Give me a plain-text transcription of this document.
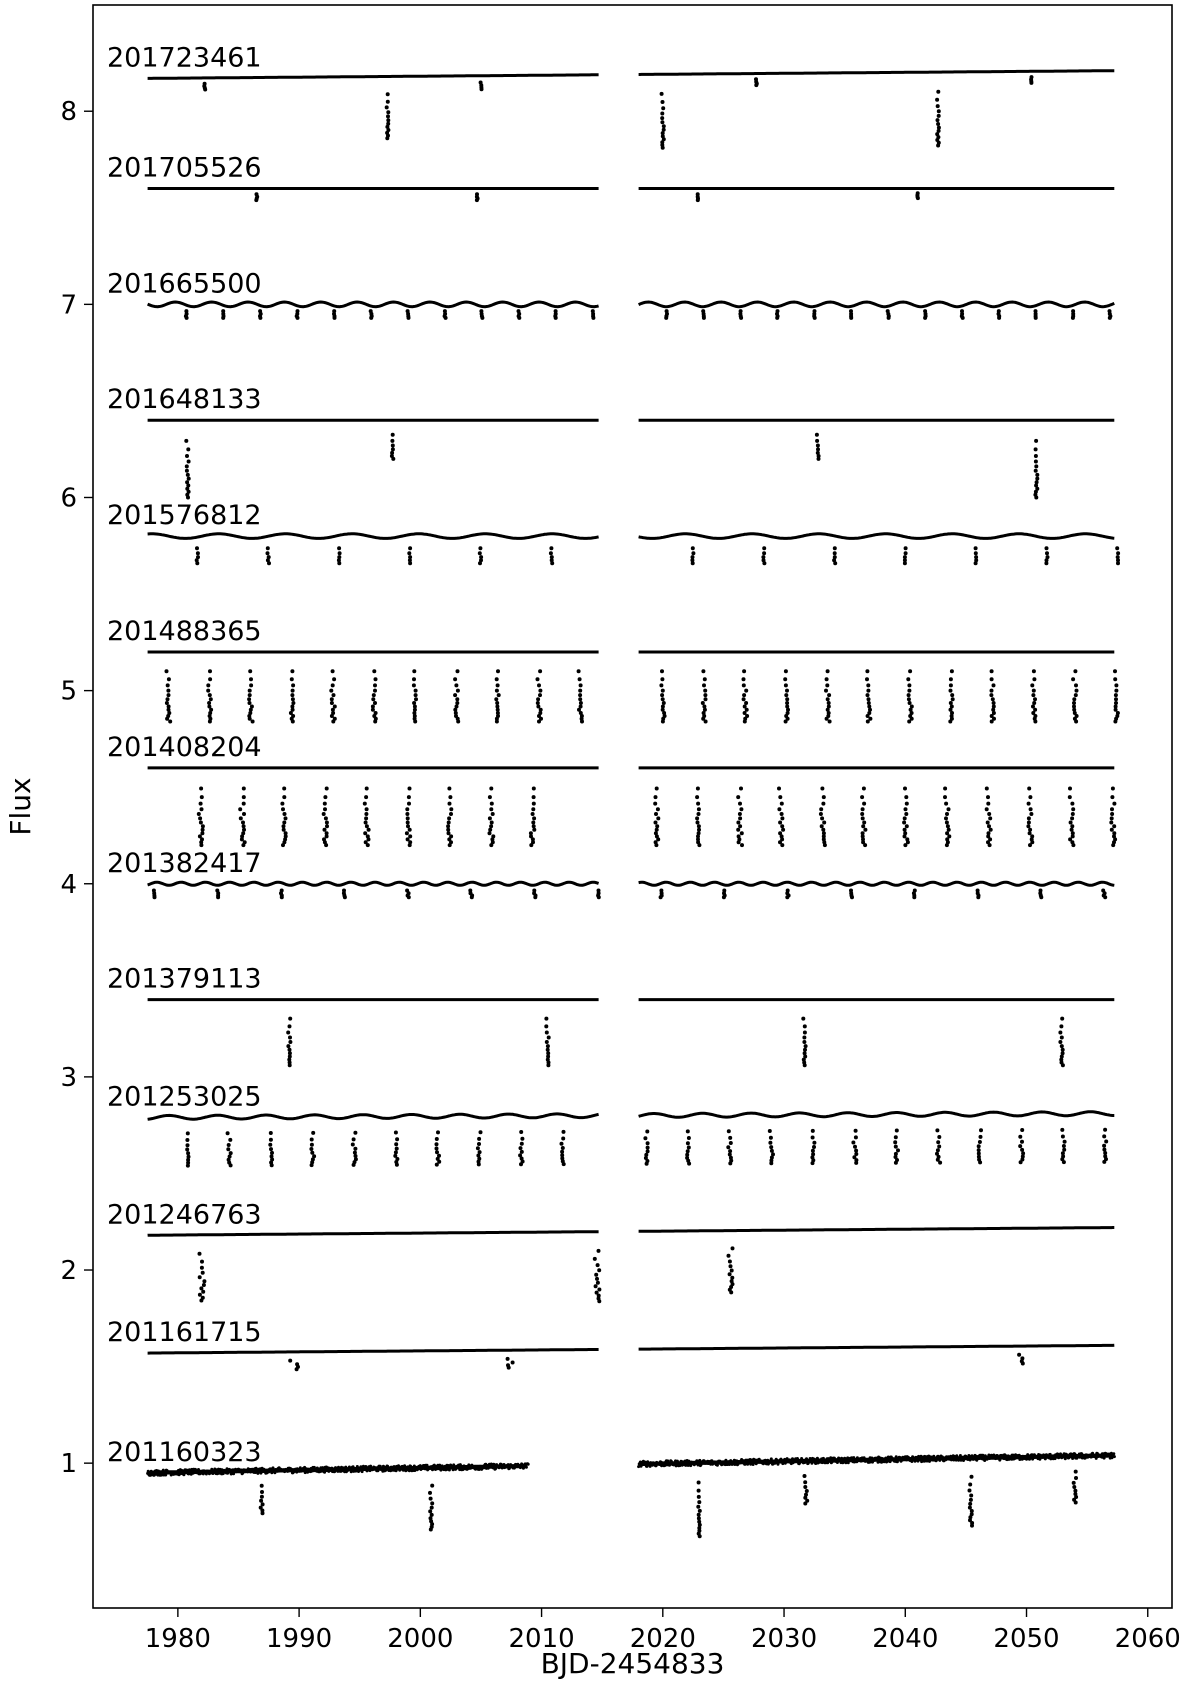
1980 1990 2000 2010 2020 2030 2040 2050 2060
1
2
3
4
5
6
7
8
201723461
201705526
201665500
201648133
201576812
201488365
201408204
201382417
201379113
201253025
201246763
201161715
201160323
BJD-2454833
Flux
